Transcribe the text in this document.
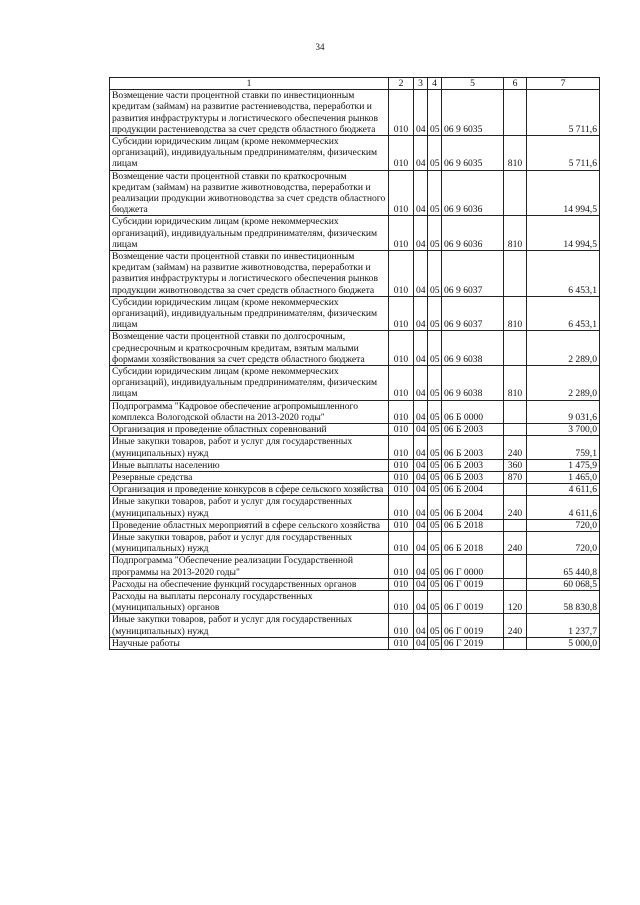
34
1	2	3	4	5	6	7
Возмещение части процентной ставки по инвестиционным кредитам (займам) на развитие растениеводства, переработки и развития инфраструктуры и логистического обеспечения рынков продукции растениеводства за счет средств областного бюджета	010	04	05	06 9 6035		5 711,6
Субсидии юридическим лицам (кроме некоммерческих организаций), индивидуальным предпринимателям, физическим лицам	010	04	05	06 9 6035	810	5 711,6
Возмещение части процентной ставки по краткосрочным кредитам (займам) на развитие животноводства, переработки и реализации продукции животноводства за счет средств областного бюджета	010	04	05	06 9 6036		14 994,5
Субсидии юридическим лицам (кроме некоммерческих организаций), индивидуальным предпринимателям, физическим лицам	010	04	05	06 9 6036	810	14 994,5
Возмещение части процентной ставки по инвестиционным кредитам (займам) на развитие животноводства, переработки и развития инфраструктуры и логистического обеспечения рынков продукции животноводства за счет средств областного бюджета	010	04	05	06 9 6037		6 453,1
Субсидии юридическим лицам (кроме некоммерческих организаций), индивидуальным предпринимателям, физическим лицам	010	04	05	06 9 6037	810	6 453,1
Возмещение части процентной ставки по долгосрочным, среднесрочным и краткосрочным кредитам, взятым малыми формами хозяйствования за счет средств областного бюджета	010	04	05	06 9 6038		2 289,0
Субсидии юридическим лицам (кроме некоммерческих организаций), индивидуальным предпринимателям, физическим лицам	010	04	05	06 9 6038	810	2 289,0
Подпрограмма "Кадровое обеспечение агропромышленного комплекса Вологодской области на 2013-2020 годы"	010	04	05	06 Б 0000		9 031,6
Организация и проведение областных соревнований	010	04	05	06 Б 2003		3 700,0
Иные закупки товаров, работ и услуг для государственных (муниципальных) нужд	010	04	05	06 Б 2003	240	759,1
Иные выплаты населению	010	04	05	06 Б 2003	360	1 475,9
Резервные средства	010	04	05	06 Б 2003	870	1 465,0
Организация и проведение конкурсов в сфере сельского хозяйства	010	04	05	06 Б 2004		4 611,6
Иные закупки товаров, работ и услуг для государственных (муниципальных) нужд	010	04	05	06 Б 2004	240	4 611,6
Проведение областных мероприятий в сфере сельского хозяйства	010	04	05	06 Б 2018		720,0
Иные закупки товаров, работ и услуг для государственных (муниципальных) нужд	010	04	05	06 Б 2018	240	720,0
Подпрограмма "Обеспечение реализации Государственной программы на 2013-2020 годы"	010	04	05	06 Г 0000		65 440,8
Расходы на обеспечение функций государственных органов	010	04	05	06 Г 0019		60 068,5
Расходы на выплаты персоналу государственных (муниципальных) органов	010	04	05	06 Г 0019	120	58 830,8
Иные закупки товаров, работ и услуг для государственных (муниципальных) нужд	010	04	05	06 Г 0019	240	1 237,7
Научные работы	010	04	05	06 Г 2019		5 000,0
